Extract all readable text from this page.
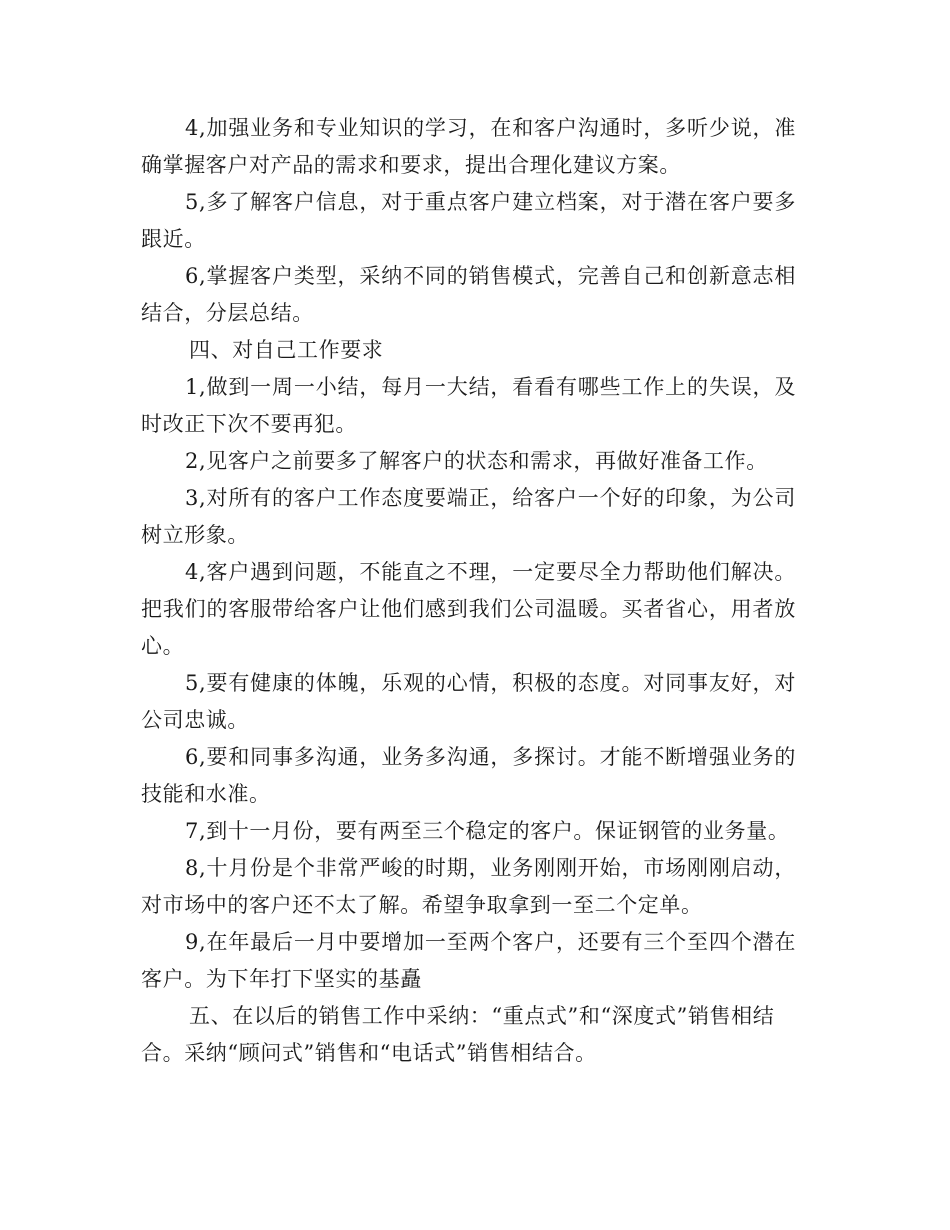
4,加强业务和专业知识的学习，在和客户沟通时，多听少说，准确掌握客户对产品的需求和要求，提出合理化建议方案。

5,多了解客户信息，对于重点客户建立档案，对于潜在客户要多跟近。

6,掌握客户类型，采纳不同的销售模式，完善自己和创新意志相结合，分层总结。

四、对自己工作要求

1,做到一周一小结，每月一大结，看看有哪些工作上的失误，及时改正下次不要再犯。

2,见客户之前要多了解客户的状态和需求，再做好准备工作。

3,对所有的客户工作态度要端正，给客户一个好的印象，为公司树立形象。

4,客户遇到问题，不能直之不理，一定要尽全力帮助他们解决。把我们的客服带给客户让他们感到我们公司温暖。买者省心，用者放心。

5,要有健康的体魄，乐观的心情，积极的态度。对同事友好，对公司忠诚。

6,要和同事多沟通，业务多沟通，多探讨。才能不断增强业务的技能和水准。

7,到十一月份，要有两至三个稳定的客户。保证钢管的业务量。

8,十月份是个非常严峻的时期，业务刚刚开始，市场刚刚启动，对市场中的客户还不太了解。希望争取拿到一至二个定单。

9,在年最后一月中要增加一至两个客户，还要有三个至四个潜在客户。为下年打下坚实的基矗

五、在以后的销售工作中采纳：“重点式”和“深度式”销售相结合。采纳“顾问式”销售和“电话式”销售相结合。
